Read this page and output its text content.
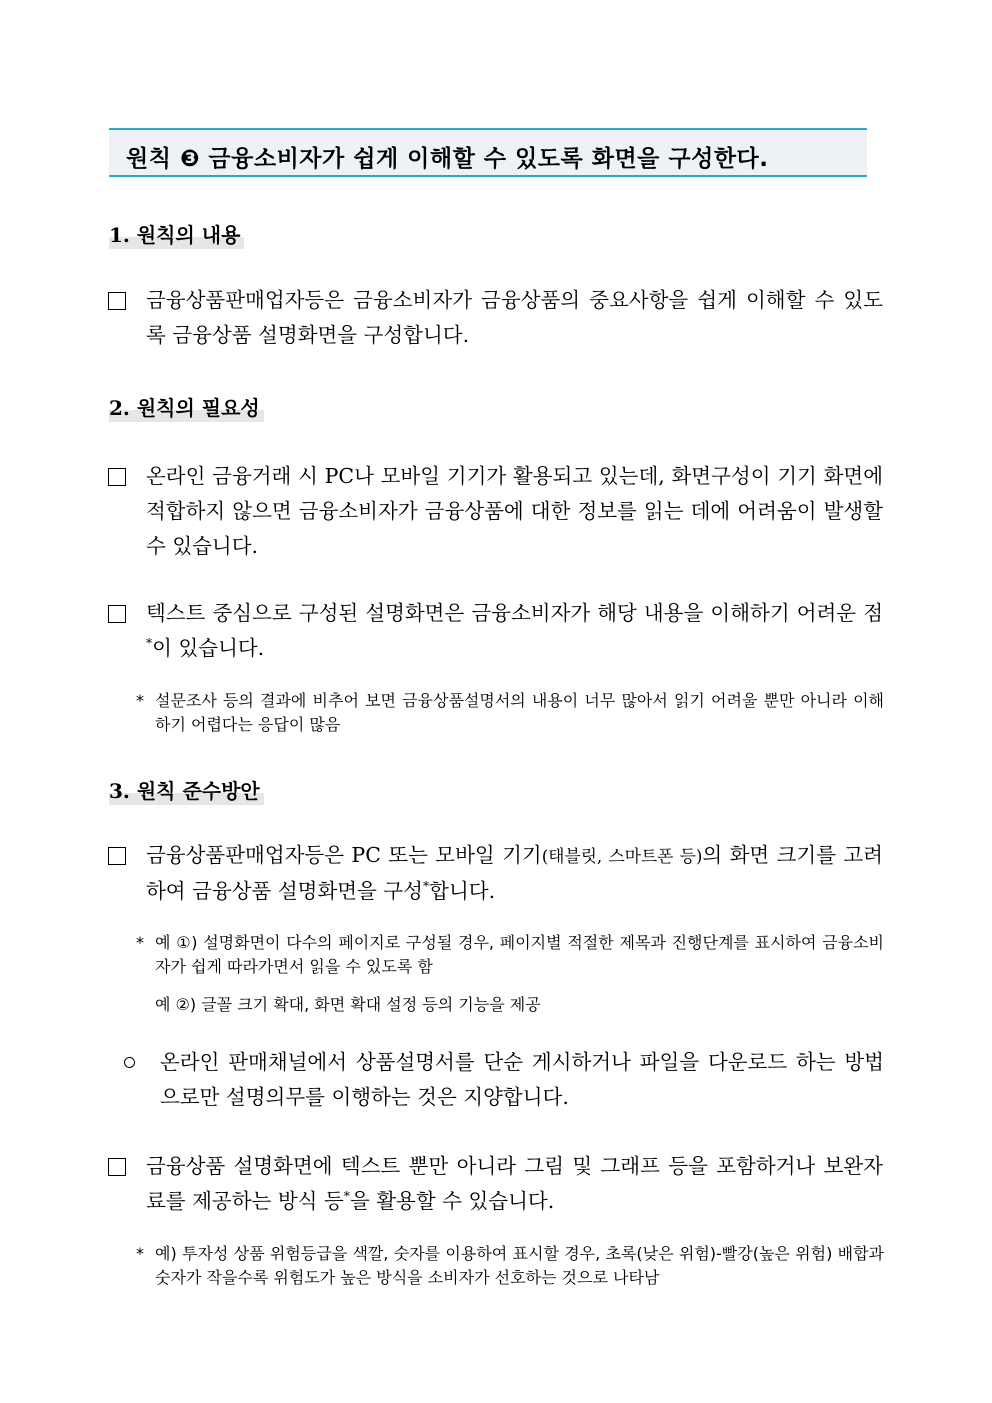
원칙 ❸ 금융소비자가 쉽게 이해할 수 있도록 화면을 구성한다.
1. 원칙의 내용
금융상품판매업자등은 금융소비자가 금융상품의 중요사항을 쉽게 이해할 수 있도록 금융상품 설명화면을 구성합니다.
2. 원칙의 필요성
온라인 금융거래 시 PC나 모바일 기기가 활용되고 있는데, 화면구성이 기기 화면에 적합하지 않으면 금융소비자가 금융상품에 대한 정보를 읽는 데에 어려움이 발생할 수 있습니다.
텍스트 중심으로 구성된 설명화면은 금융소비자가 해당 내용을 이해하기 어려운 점*이 있습니다.
* 설문조사 등의 결과에 비추어 보면 금융상품설명서의 내용이 너무 많아서 읽기 어려울 뿐만 아니라 이해하기 어렵다는 응답이 많음
3. 원칙 준수방안
금융상품판매업자등은 PC 또는 모바일 기기(태블릿, 스마트폰 등)의 화면 크기를 고려하여 금융상품 설명화면을 구성*합니다.
* 예 ①) 설명화면이 다수의 페이지로 구성될 경우, 페이지별 적절한 제목과 진행단계를 표시하여 금융소비자가 쉽게 따라가면서 읽을 수 있도록 함
예 ②) 글꼴 크기 확대, 화면 확대 설정 등의 기능을 제공
온라인 판매채널에서 상품설명서를 단순 게시하거나 파일을 다운로드 하는 방법으로만 설명의무를 이행하는 것은 지양합니다.
금융상품 설명화면에 텍스트 뿐만 아니라 그림 및 그래프 등을 포함하거나 보완자료를 제공하는 방식 등*을 활용할 수 있습니다.
* 예) 투자성 상품 위험등급을 색깔, 숫자를 이용하여 표시할 경우, 초록(낮은 위험)-빨강(높은 위험) 배합과 숫자가 작을수록 위험도가 높은 방식을 소비자가 선호하는 것으로 나타남
